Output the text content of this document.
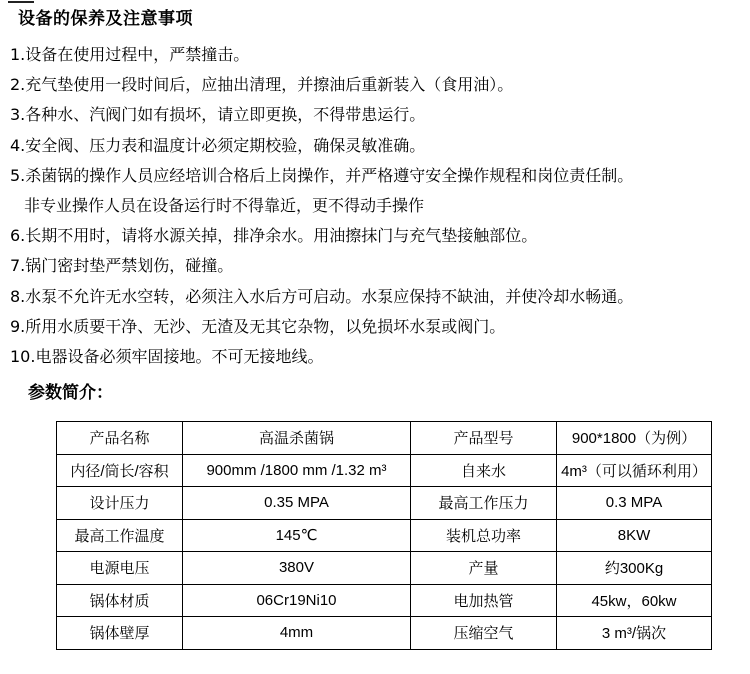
设备的保养及注意事项
1.设备在使用过程中，严禁撞击。
2.充气垫使用一段时间后，应抽出清理，并擦油后重新装入（食用油）。
3.各种水、汽阀门如有损坏，请立即更换，不得带患运行。
4.安全阀、压力表和温度计必须定期校验，确保灵敏准确。
5.杀菌锅的操作人员应经培训合格后上岗操作，并严格遵守安全操作规程和岗位责任制。
非专业操作人员在设备运行时不得靠近，更不得动手操作
6.长期不用时，请将水源关掉，排净余水。用油擦抹门与充气垫接触部位。
7.锅门密封垫严禁划伤，碰撞。
8.水泵不允许无水空转，必须注入水后方可启动。水泵应保持不缺油，并使冷却水畅通。
9.所用水质要干净、无沙、无渣及无其它杂物，以免损坏水泵或阀门。
10.电器设备必须牢固接地。不可无接地线。
参数简介：
产品名称	高温杀菌锅	产品型号	900*1800（为例）
内径/筒长/容积	900mm /1800 mm /1.32 m³	自来水	4m³（可以循环利用）
设计压力	0.35 MPA	最高工作压力	0.3 MPA
最高工作温度	145℃	装机总功率	8KW
电源电压	380V	产量	约300Kg
锅体材质	06Cr19Ni10	电加热管	45kw，60kw
锅体壁厚	4mm	压缩空气	3 m³/锅次
